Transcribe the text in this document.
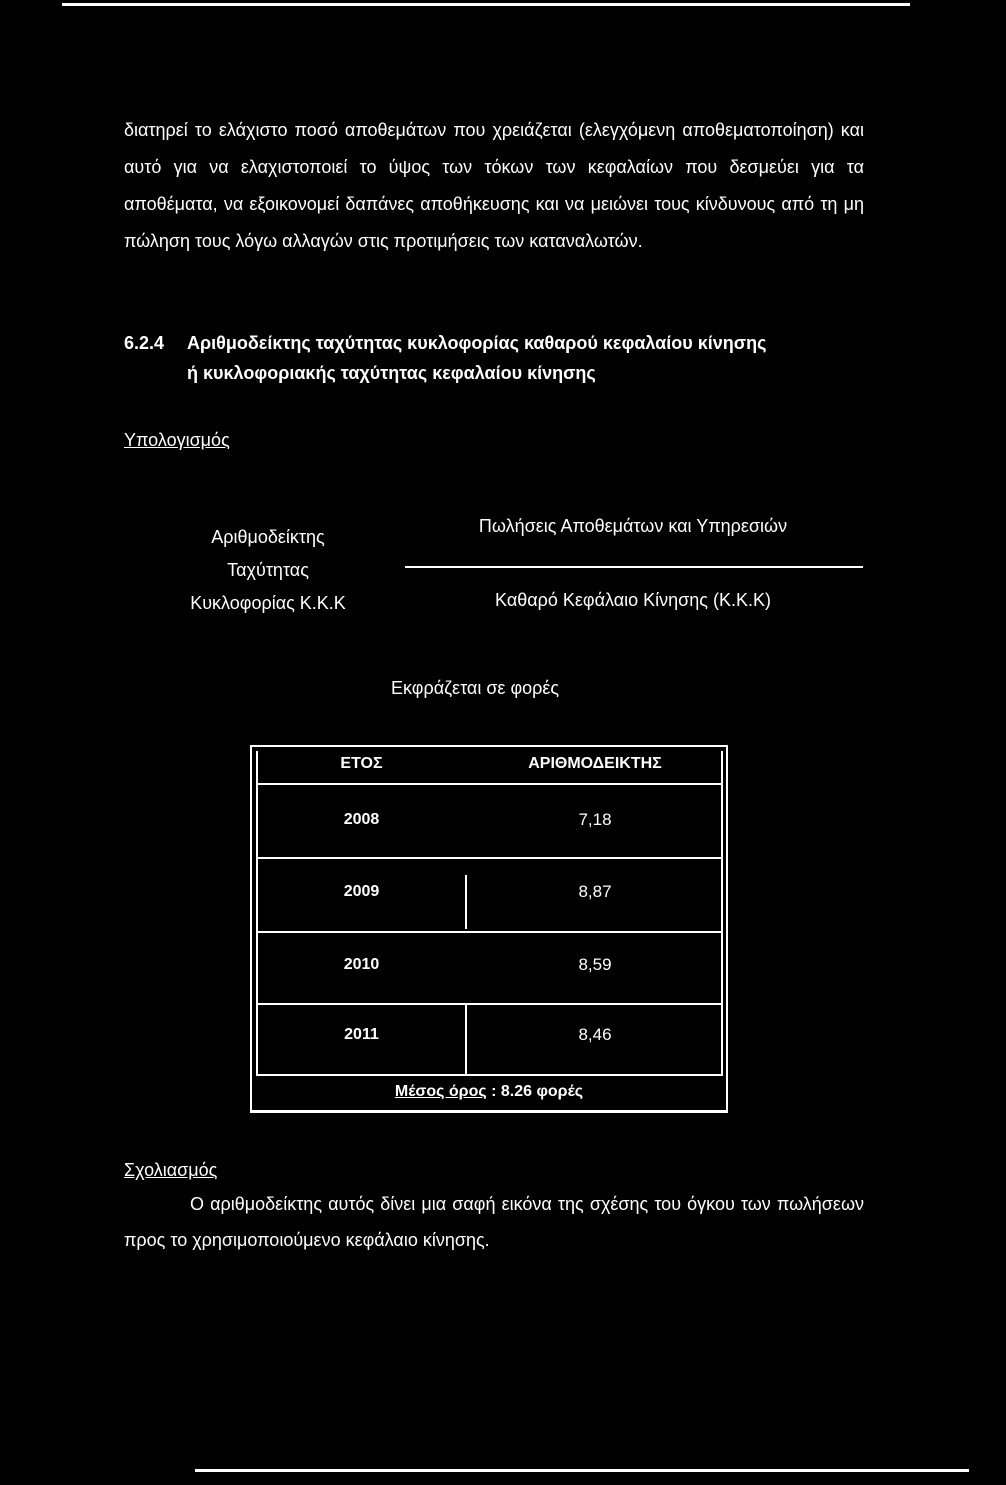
διατηρεί το ελάχιστο ποσό αποθεμάτων που χρειάζεται (ελεγχόμενη αποθεματοποίηση) και αυτό για να ελαχιστοποιεί το ύψος των τόκων των κεφαλαίων που δεσμεύει για τα αποθέματα, να εξοικονομεί δαπάνες αποθήκευσης και να μειώνει τους κίνδυνους από τη μη πώληση τους λόγω αλλαγών στις προτιμήσεις των καταναλωτών.
6.2.4 Αριθμοδείκτης ταχύτητας κυκλοφορίας καθαρού κεφαλαίου κίνησης
ή κυκλοφοριακής ταχύτητας κεφαλαίου κίνησης
Υπολογισμός
Αριθμοδείκτης
Ταχύτητας
Κυκλοφορίας Κ.Κ.Κ
Πωλήσεις Αποθεμάτων και Υπηρεσιών
Καθαρό Κεφάλαιο Κίνησης (Κ.Κ.Κ)
Εκφράζεται σε φορές
ΕΤΟΣ	ΑΡΙΘΜΟΔΕΙΚΤΗΣ
2008	7,18
2009	8,87
2010	8,59
2011	8,46
Μέσος όρος : 8.26 φορές
Σχολιασμός
Ο αριθμοδείκτης αυτός δίνει μια σαφή εικόνα της σχέσης του όγκου των πωλήσεων προς το χρησιμοποιούμενο κεφάλαιο κίνησης.
